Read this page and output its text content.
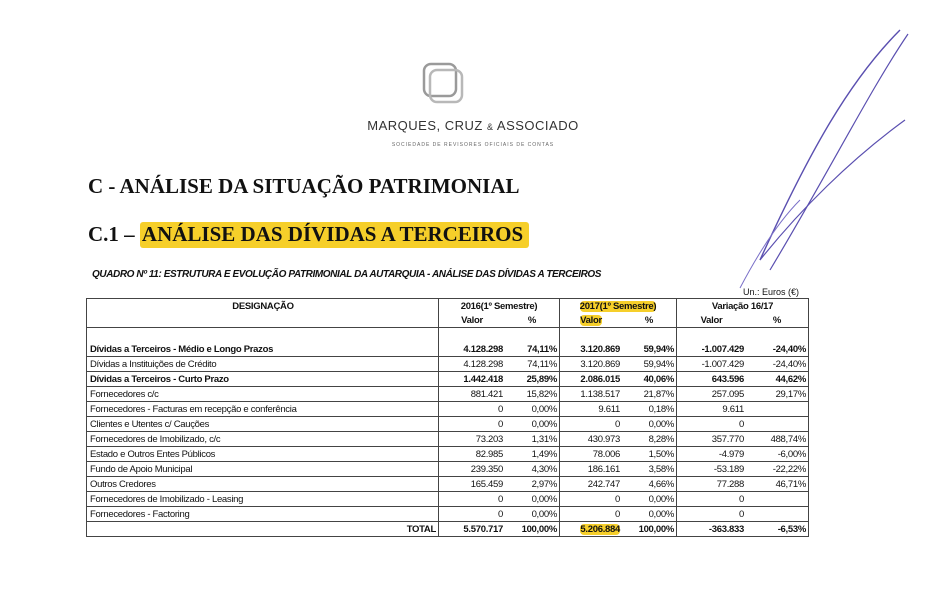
MARQUES, CRUZ & ASSOCIADO
SOCIEDADE DE REVISORES OFICIAIS DE CONTAS
C - ANÁLISE DA SITUAÇÃO PATRIMONIAL
C.1 – ANÁLISE DAS DÍVIDAS A TERCEIROS
QUADRO Nº 11: ESTRUTURA E EVOLUÇÃO PATRIMONIAL DA AUTARQUIA - ANÁLISE DAS DÍVIDAS A TERCEIROS
Un.: Euros (€)
DESIGNAÇÃO	2016(1º Semestre)		2017(1º Semestre)		Variação 16/17	
	Valor	%	Valor	%	Valor	%

Dívidas a Terceiros - Médio e Longo Prazos	4.128.298	74,11%	3.120.869	59,94%	-1.007.429	-24,40%
Dívidas a Instituições de Crédito	4.128.298	74,11%	3.120.869	59,94%	-1.007.429	-24,40%
Dívidas a Terceiros - Curto Prazo	1.442.418	25,89%	2.086.015	40,06%	643.596	44,62%
Fornecedores c/c	881.421	15,82%	1.138.517	21,87%	257.095	29,17%
Fornecedores - Facturas em recepção e conferência	0	0,00%	9.611	0,18%	9.611	
Clientes e Utentes c/ Cauções	0	0,00%	0	0,00%	0	
Fornecedores de Imobilizado, c/c	73.203	1,31%	430.973	8,28%	357.770	488,74%
Estado e Outros Entes Públicos	82.985	1,49%	78.006	1,50%	-4.979	-6,00%
Fundo de Apoio Municipal	239.350	4,30%	186.161	3,58%	-53.189	-22,22%
Outros Credores	165.459	2,97%	242.747	4,66%	77.288	46,71%
Fornecedores de Imobilizado - Leasing	0	0,00%	0	0,00%	0	
Fornecedores - Factoring	0	0,00%	0	0,00%	0	
TOTAL	5.570.717	100,00%	5.206.884	100,00%	-363.833	-6,53%
